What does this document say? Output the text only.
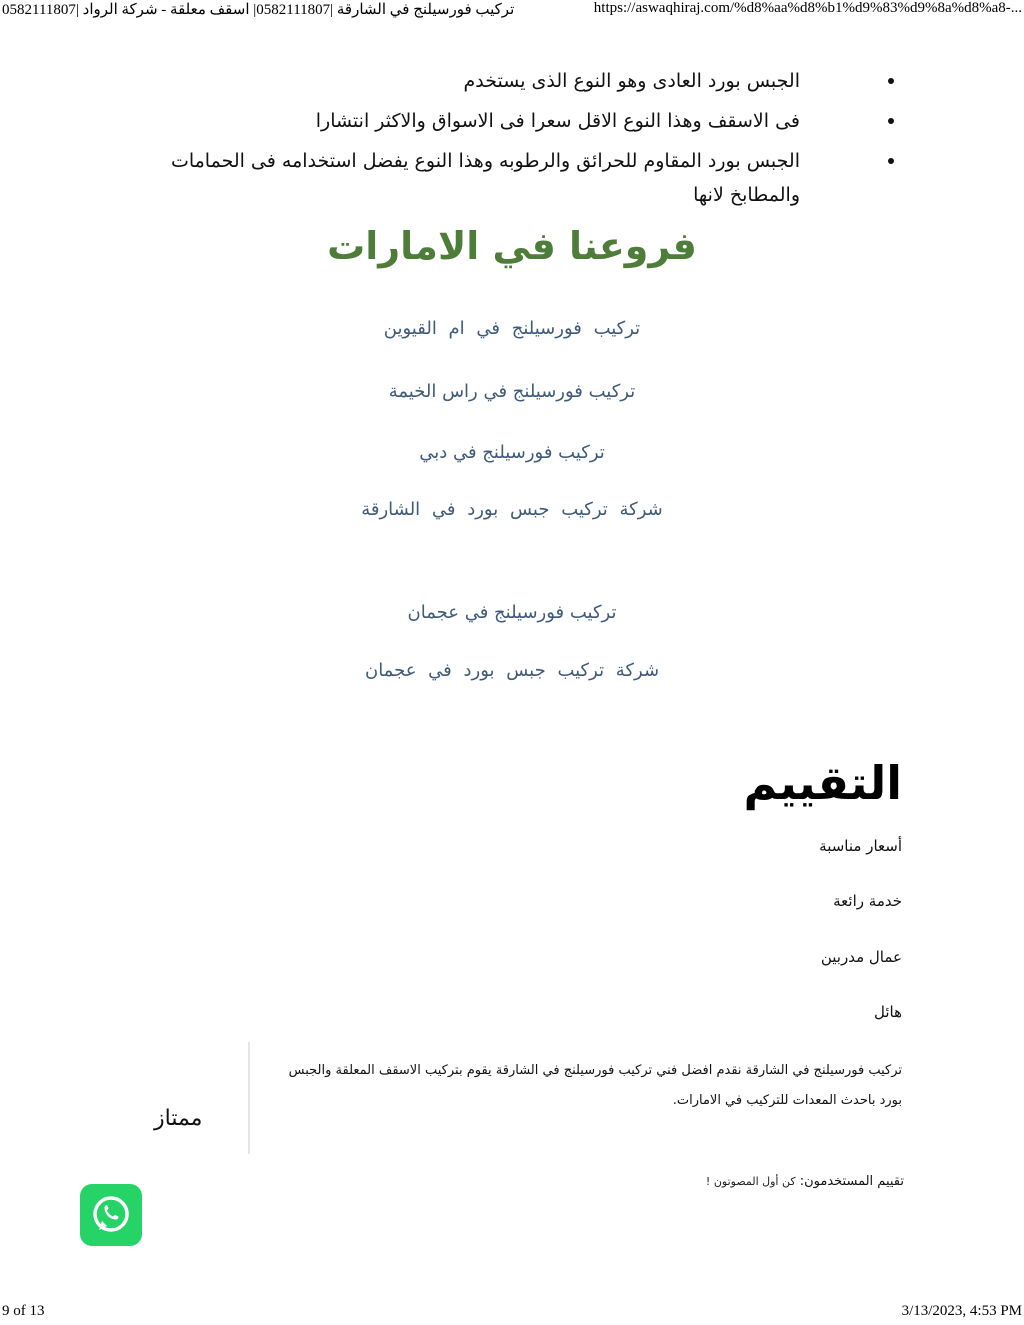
تركيب فورسيلنج في الشارقة |0582111807| اسقف معلقة - شركة الرواد |0582111807	https://aswaqhiraj.com/%d8%aa%d8%b1%d9%83%d9%8a%d8%a8-...
الجبس بورد العادى وهو النوع الذى يستخدم
فى الاسقف وهذا النوع الاقل سعرا فى الاسواق والاكثر انتشارا
الجبس بورد المقاوم للحرائق والرطوبه وهذا النوع يفضل استخدامه فى الحمامات والمطابخ لانها
فروعنا في الامارات
تركيب فورسيلنج في ام القيوين
تركيب فورسيلنج في راس الخيمة
تركيب فورسيلنج في دبي
شركة تركيب جبس بورد في الشارقة
تركيب فورسيلنج في عجمان
شركة تركيب جبس بورد في عجمان
التقييم
أسعار مناسبة
خدمة رائعة
عمال مدربين
هائل

تركيب فورسيلنج في الشارقة نقدم افضل فني تركيب فورسيلنج في الشارقة يقوم بتركيب الاسقف المعلقة والجبس بورد باحدث المعدات للتركيب في الامارات.

ممتاز
تقييم المستخدمون: كن أول المصوتون !
9 of 13	3/13/2023, 4:53 PM
